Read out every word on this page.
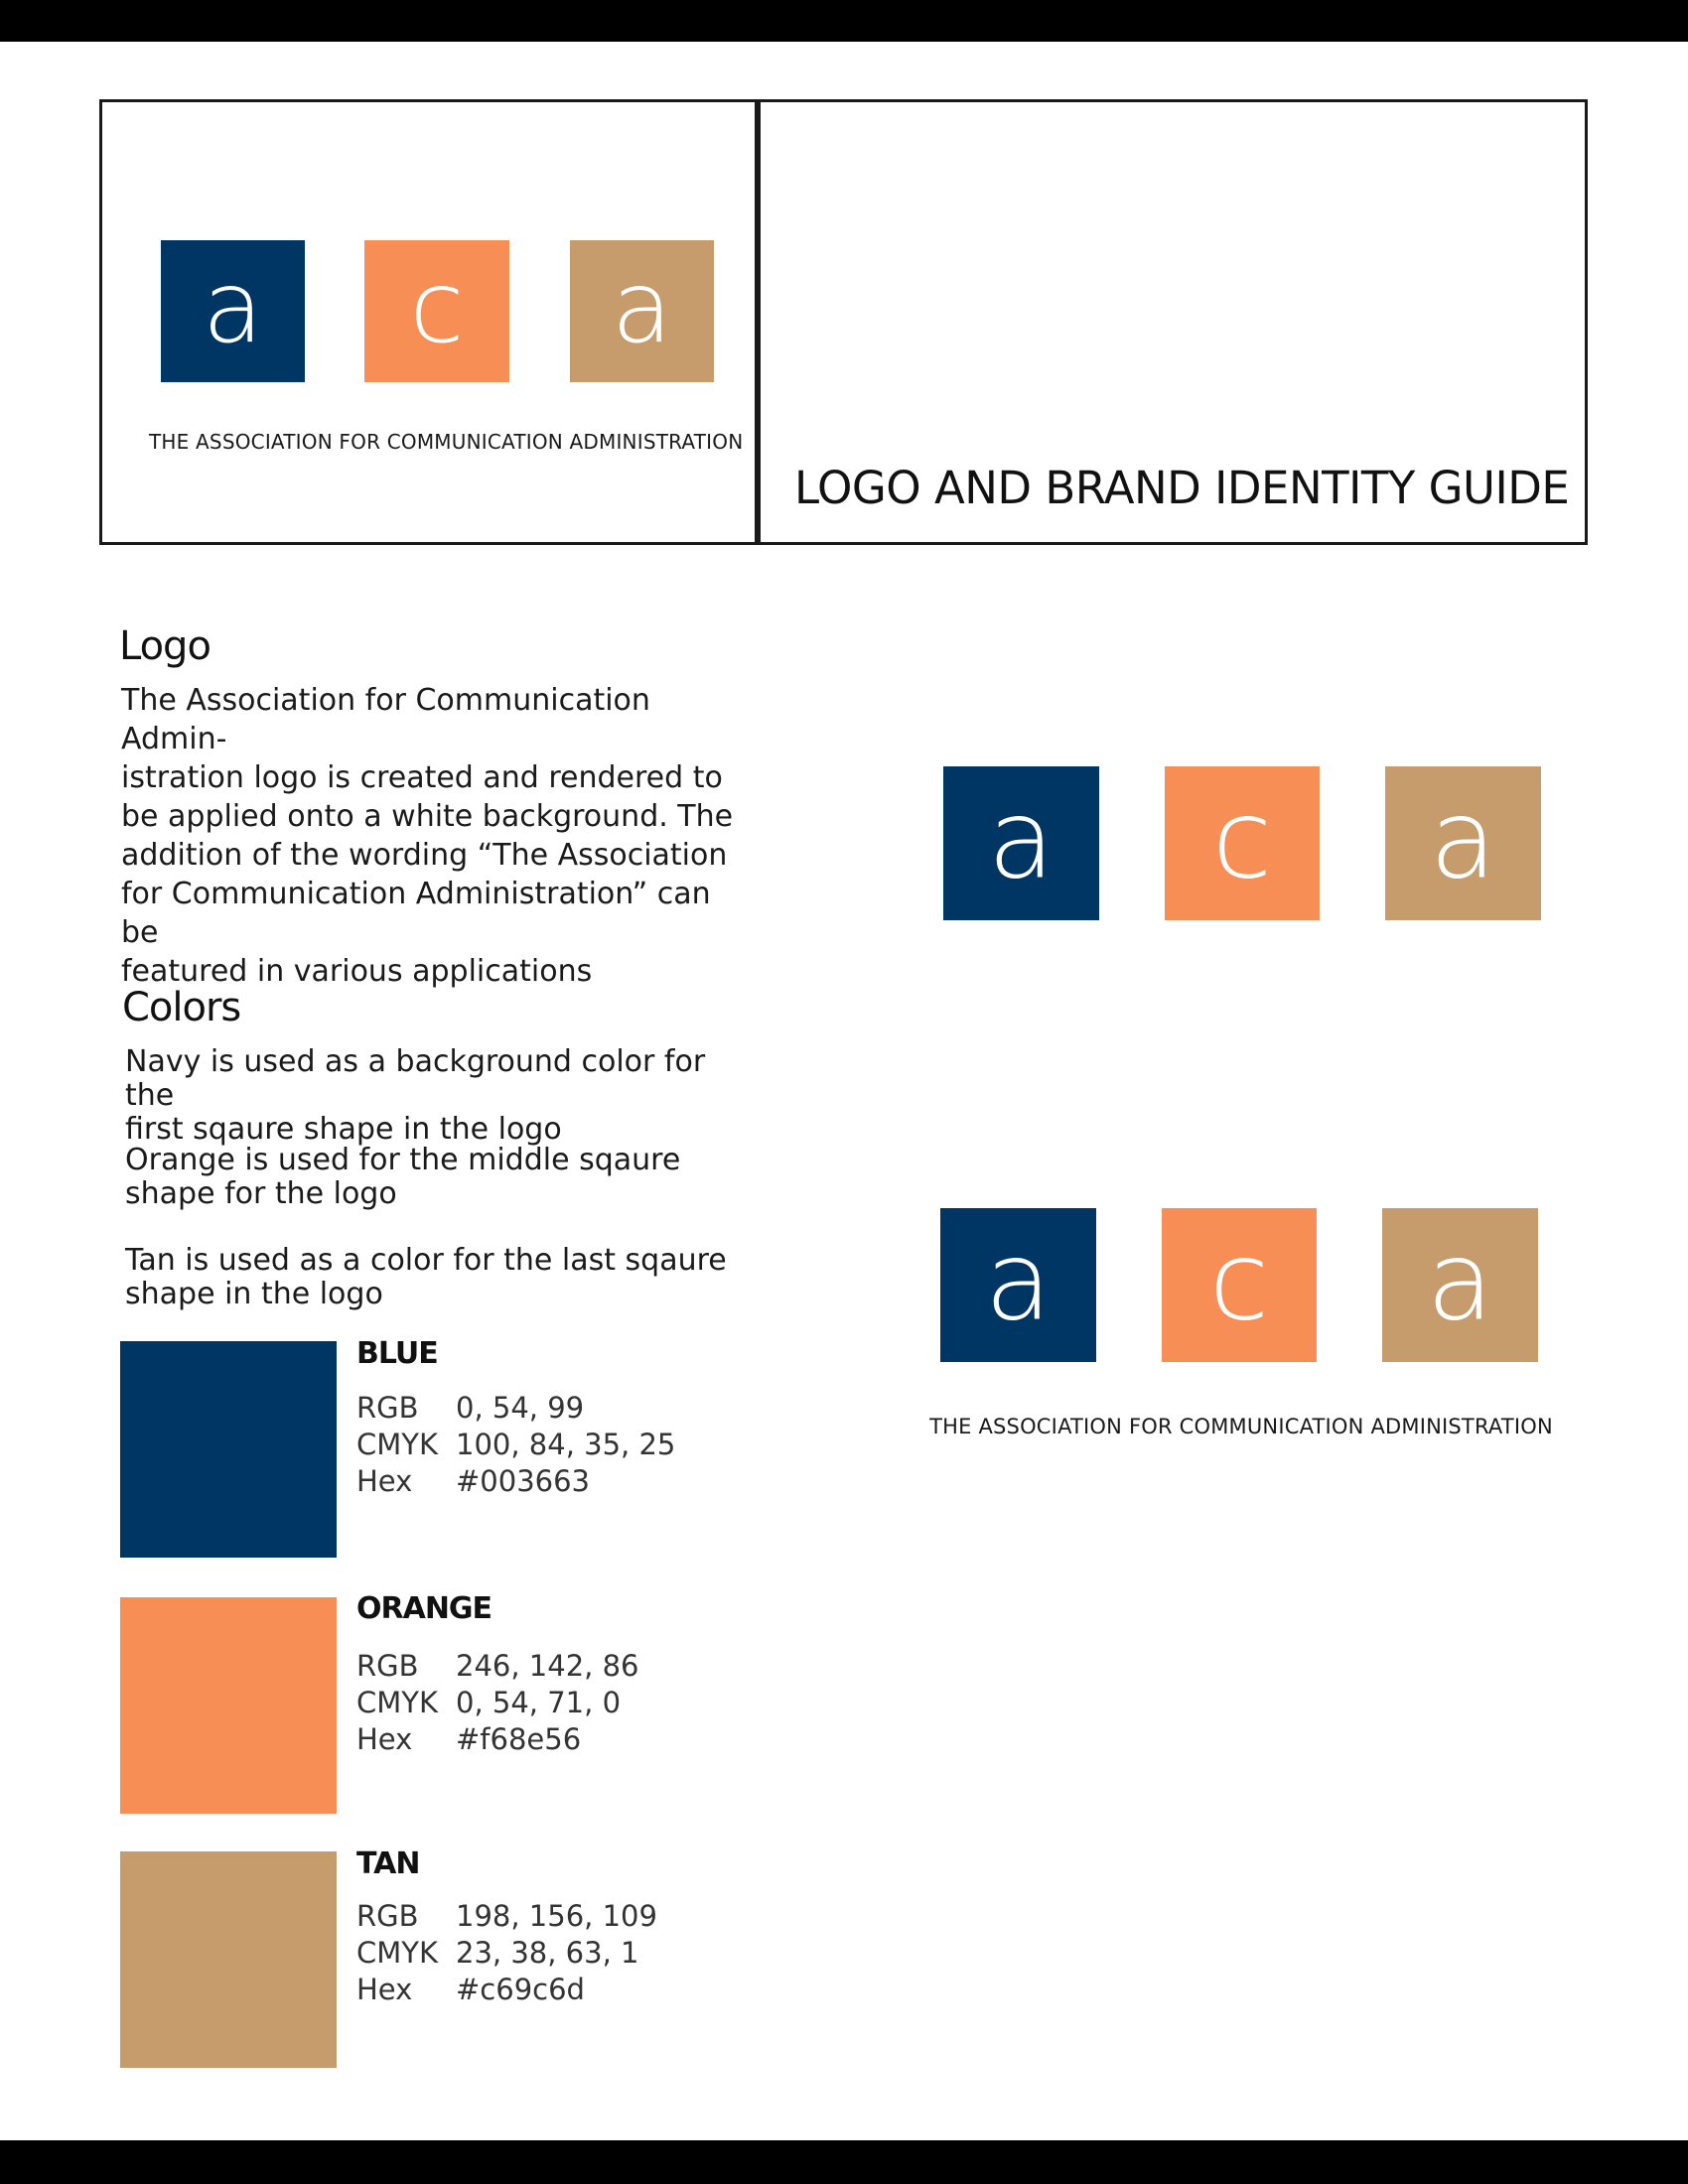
a c a
THE ASSOCIATION FOR COMMUNICATION ADMINISTRATION
LOGO AND BRAND IDENTITY GUIDE
Logo

The Association for Communication Admin-

istration logo is created and rendered to

be applied onto a white background. The

addition of the wording “The Association

for Communication Administration” can be

featured in various applications

Colors

Navy is used as a background color for the

first sqaure shape in the logo

Orange is used for the middle sqaure

shape for the logo

Tan is used as a color for the last sqaure

shape in the logo

BLUE
RGB 0, 54, 99
CMYK 100, 84, 35, 25
Hex #003663
ORANGE
RGB 246, 142, 86
CMYK 0, 54, 71, 0
Hex #f68e56
TAN
RGB 198, 156, 109
CMYK 23, 38, 63, 1
Hex #c69c6d
a c a
a c a
THE ASSOCIATION FOR COMMUNICATION ADMINISTRATION
